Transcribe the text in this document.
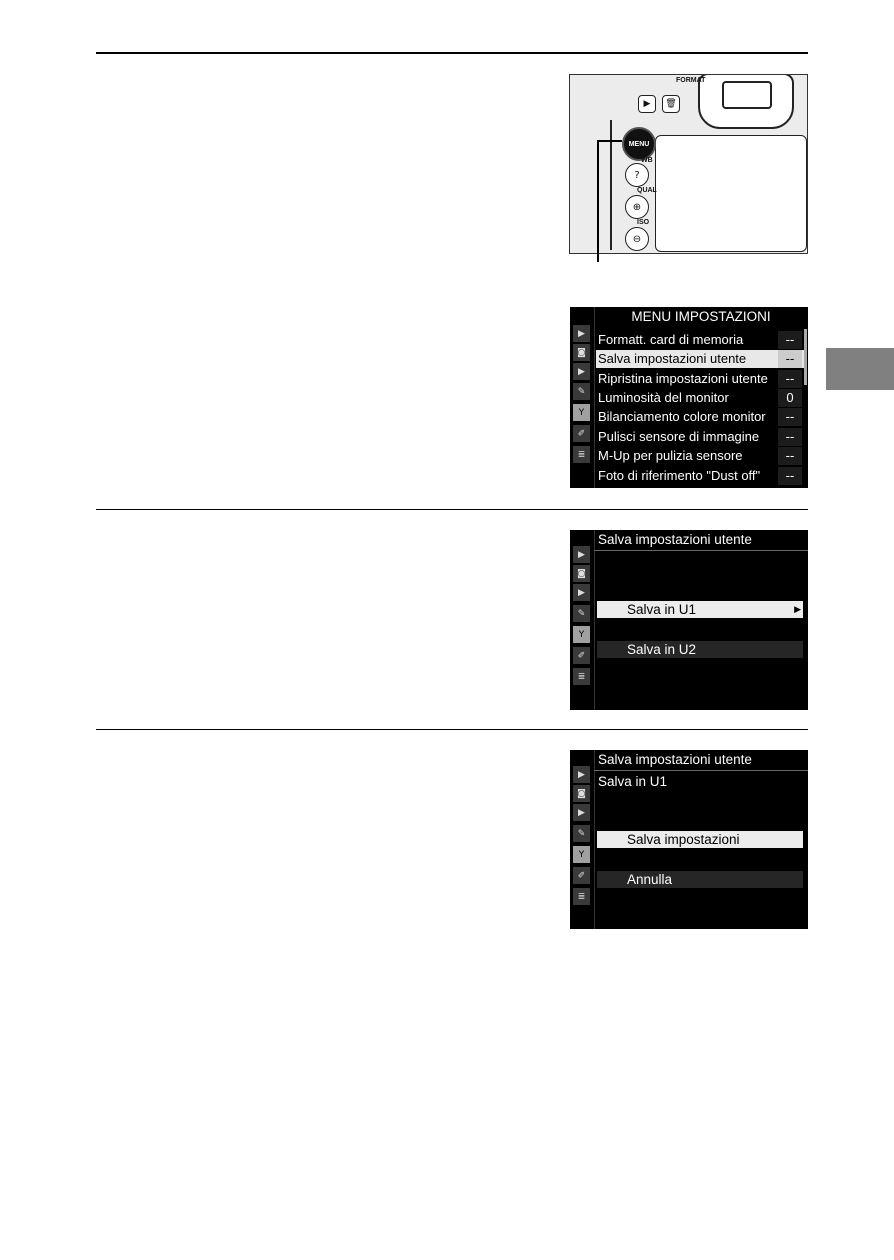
FORMAT
▶	🗑
MENU
WB
?
QUAL
⊕
ISO
⊖
▶
◙
▶
✎
Y
✐
≣
MENU IMPOSTAZIONI
Formatt. card di memoria	--
Salva impostazioni utente	--
Ripristina impostazioni utente	--
Luminosità del monitor	0
Bilanciamento colore monitor	--
Pulisci sensore di immagine	--
M-Up per pulizia sensore	--
Foto di riferimento "Dust off"	--
▶
◙
▶
✎
Y
✐
≣
Salva impostazioni utente
Salva in U1	▶
Salva in U2
▶
◙
▶
✎
Y
✐
≣
Salva impostazioni utente
Salva in U1
Salva impostazioni
Annulla
